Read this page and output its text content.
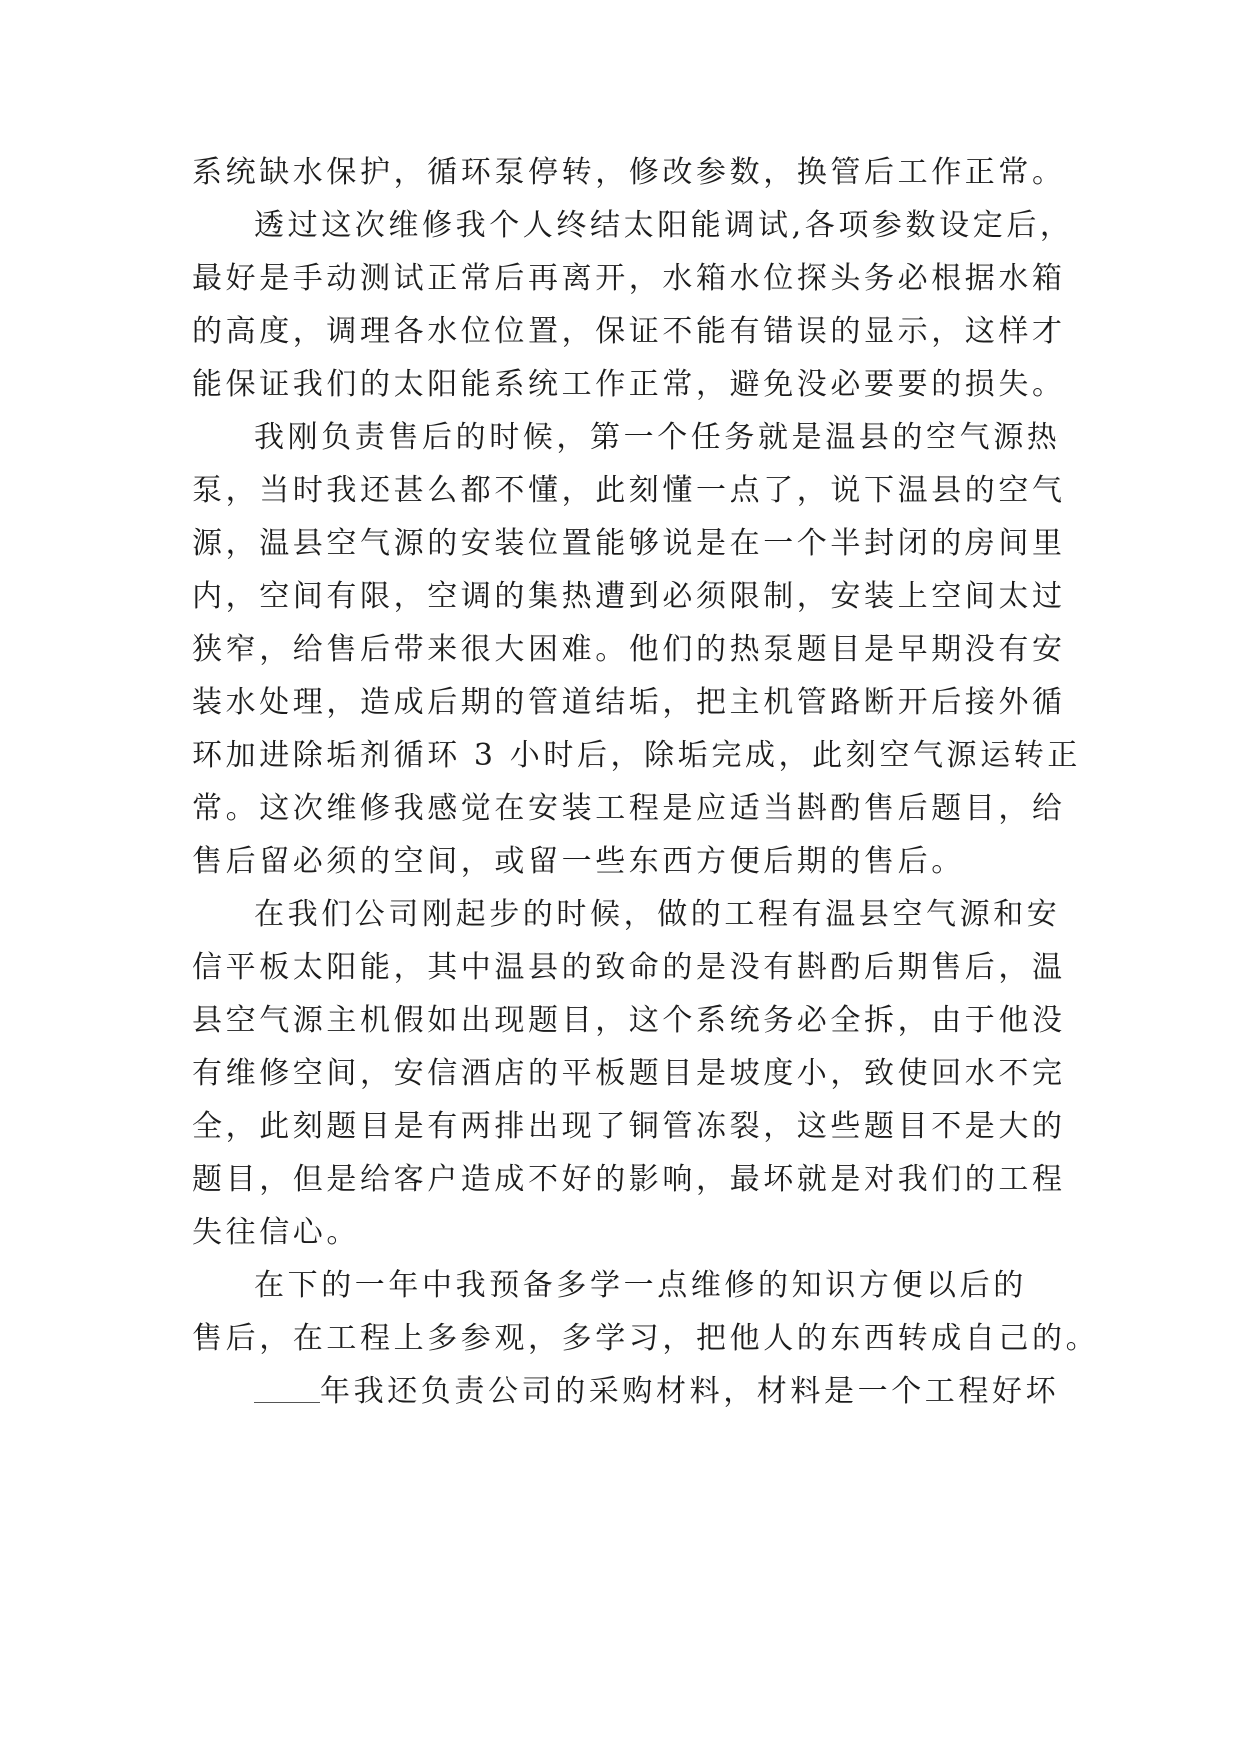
系统缺水保护，循环泵停转，修改参数，换管后工作正常。
透过这次维修我个人终结太阳能调试,各项参数设定后，
最好是手动测试正常后再离开，水箱水位探头务必根据水箱
的高度，调理各水位位置，保证不能有错误的显示，这样才
能保证我们的太阳能系统工作正常，避免没必要要的损失。
我刚负责售后的时候，第一个任务就是温县的空气源热
泵，当时我还甚么都不懂，此刻懂一点了，说下温县的空气
源，温县空气源的安装位置能够说是在一个半封闭的房间里
内，空间有限，空调的集热遭到必须限制，安装上空间太过
狭窄，给售后带来很大困难。他们的热泵题目是早期没有安
装水处理，造成后期的管道结垢，把主机管路断开后接外循
环加进除垢剂循环 3 小时后，除垢完成，此刻空气源运转正
常。这次维修我感觉在安装工程是应适当斟酌售后题目，给
售后留必须的空间，或留一些东西方便后期的售后。
在我们公司刚起步的时候，做的工程有温县空气源和安
信平板太阳能，其中温县的致命的是没有斟酌后期售后，温
县空气源主机假如出现题目，这个系统务必全拆，由于他没
有维修空间，安信酒店的平板题目是坡度小，致使回水不完
全，此刻题目是有两排出现了铜管冻裂，这些题目不是大的
题目，但是给客户造成不好的影响，最坏就是对我们的工程
失往信心。
在下的一年中我预备多学一点维修的知识方便以后的
售后，在工程上多参观，多学习，把他人的东西转成自己的。
年我还负责公司的采购材料，材料是一个工程好坏
